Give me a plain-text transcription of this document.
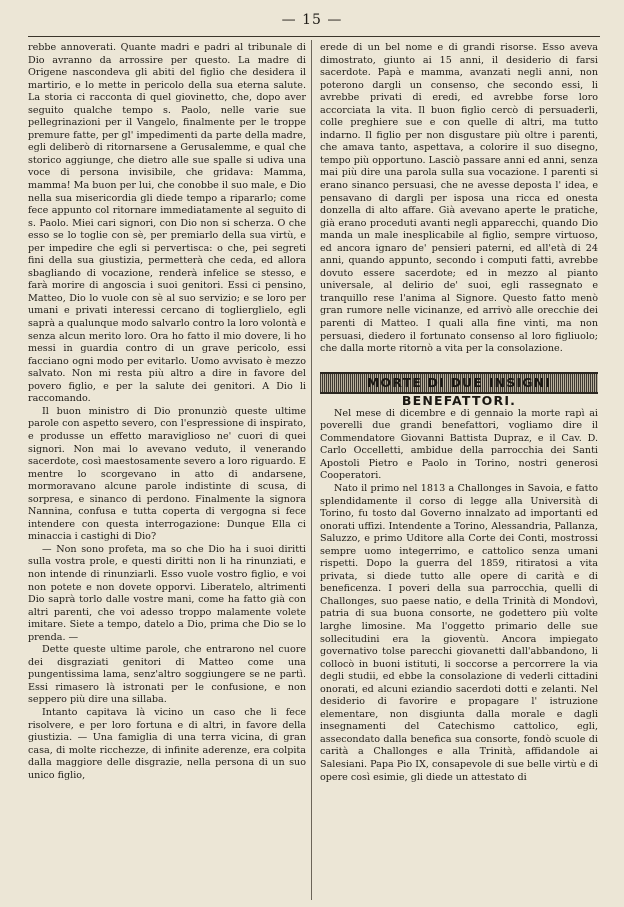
— 15 —

rebbe annoverati. Quante madri e padri al tribunale di Dio avranno da arrossire per questo. La madre di Origene nascondeva gli abiti del figlio che desidera il martirio, e lo mette in pericolo della sua eterna salute. La storia ci racconta di quel giovinetto, che, dopo aver seguito qualche tempo s. Paolo, nelle varie sue pellegrinazioni per il Vangelo, finalmente per le troppe premure fatte, per gl' impedimenti da parte della madre, egli deliberò di ritornarsene a Gerusalemme, e qual che storico aggiunge, che dietro alle sue spalle si udiva una voce di persona invisibile, che gridava: Mamma, mamma! Ma buon per lui, che conobbe il suo male, e Dio nella sua misericordia gli diede tempo a ripararlo; come fece appunto col ritornare immediatamente al seguito di s. Paolo. Miei cari signori, con Dio non si scherza. O che esso se lo toglie con sè, per premiarlo della sua virtù, e per impedire che egli si pervertisca: o che, pei segreti fini della sua giustizia, permetterà che ceda, ed allora sbagliando di vocazione, renderà infelice se stesso, e farà morire di angoscia i suoi genitori. Essi ci pensino, Matteo, Dio lo vuole con sè al suo servizio; e se loro per umani e privati interessi cercano di toglierglielo, egli saprà a qualunque modo salvarlo contro la loro volontà e senza alcun merito loro. Ora ho fatto il mio dovere, li ho messi in guardia contro di un grave pericolo, essi facciano ogni modo per evitarlo. Uomo avvisato è mezzo salvato. Non mi resta più altro a dire in favore del povero figlio, e per la salute dei genitori. A Dio li raccomando.

Il buon ministro di Dio pronunziò queste ultime parole con aspetto severo, con l'espressione di inspirato, e produsse un effetto maraviglioso ne' cuori di quei signori. Non mai lo avevano veduto, il venerando sacerdote, così maestosamente severo a loro riguardo. E mentre lo scorgevano in atto di andarsene, mormoravano alcune parole indistinte di scusa, di sorpresa, e sinanco di perdono. Finalmente la signora Nannina, confusa e tutta coperta di vergogna si fece intendere con questa interrogazione: Dunque Ella ci minaccia i castighi di Dio?

— Non sono profeta, ma so che Dio ha i suoi diritti sulla vostra prole, e questi diritti non li ha rinunziati, e non intende di rinunziarli. Esso vuole vostro figlio, e voi non potete e non dovete opporvi. Liberatelo, altrimenti Dio saprà torlo dalle vostre mani, come ha fatto già con altri parenti, che voi adesso troppo malamente volete imitare. Siete a tempo, datelo a Dio, prima che Dio se lo prenda. —

Dette queste ultime parole, che entrarono nel cuore dei disgraziati genitori di Matteo come una pungentissima lama, senz'altro soggiungere se ne partì. Essi rimasero là istronati per le confusione, e non seppero più dire una sillaba.

Intanto capitava là vicino un caso che li fece risolvere, e per loro fortuna e di altri, in favore della giustizia. — Una famiglia di una terra vicina, di gran casa, di molte ricchezze, di infinite aderenze, era colpita dalla maggiore delle disgrazie, nella persona di un suo unico figlio,

erede di un bel nome e di grandi risorse. Esso aveva dimostrato, giunto ai 15 anni, il desiderio di farsi sacerdote. Papà e mamma, avanzati negli anni, non poterono dargli un consenso, che secondo essi, li avrebbe privati di eredi, ed avrebbe forse loro accorciata la vita. Il buon figlio cercò di persuaderli, colle preghiere sue e con quelle di altri, ma tutto indarno. Il figlio per non disgustare più oltre i parenti, che amava tanto, aspettava, a colorire il suo disegno, tempo più opportuno. Lasciò passare anni ed anni, senza mai più dire una parola sulla sua vocazione. I parenti si erano sinanco persuasi, che ne avesse deposta l' idea, e pensavano di dargli per isposa una ricca ed onesta donzella di alto affare. Già avevano aperte le pratiche, già erano proceduti avanti negli apparecchi, quando Dio manda un male inesplicabile al figlio, sempre virtuoso, ed ancora ignaro de' pensieri paterni, ed all'età di 24 anni, quando appunto, secondo i computi fatti, avrebbe dovuto essere sacerdote; ed in mezzo al pianto universale, al delirio de' suoi, egli rassegnato e tranquillo rese l'anima al Signore. Questo fatto menò gran rumore nelle vicinanze, ed arrivò alle orecchie dei parenti di Matteo. I quali alla fine vinti, ma non persuasi, diedero il fortunato consenso al loro figliuolo; che dalla morte ritornò a vita per la consolazione.

MORTE DI DUE INSIGNI BENEFATTORI.

Nel mese di dicembre e di gennaio la morte rapì ai poverelli due grandi benefattori, vogliamo dire il Commendatore Giovanni Battista Dupraz, e il Cav. D. Carlo Occelletti, ambidue della parrocchia dei Santi Apostoli Pietro e Paolo in Torino, nostri generosi Cooperatori.

Nato il primo nel 1813 a Challonges in Savoia, e fatto splendidamente il corso di legge alla Università di Torino, fu tosto dal Governo innalzato ad importanti ed onorati uffizi. Intendente a Torino, Alessandria, Pallanza, Saluzzo, e primo Uditore alla Corte dei Conti, mostrossi sempre uomo integerrimo, e cattolico senza umani rispetti. Dopo la guerra del 1859, ritiratosi a vita privata, si diede tutto alle opere di carità e di beneficenza. I poveri della sua parrocchia, quelli di Challonges, suo paese natio, e della Trinità di Mondovì, patria di sua buona consorte, ne godettero più volte larghe limosine. Ma l'oggetto primario delle sue sollecitudini era la gioventù. Ancora impiegato governativo tolse parecchi giovanetti dall'abbandono, li collocò in buoni istituti, li soccorse a percorrere la via degli studii, ed ebbe la consolazione di vederli cittadini onorati, ed alcuni eziandio sacerdoti dotti e zelanti. Nel desiderio di favorire e propagare l' istruzione elementare, non disgiunta dalla morale e dagli insegnamenti del Catechismo cattolico, egli, assecondato dalla benefica sua consorte, fondò scuole di carità a Challonges e alla Trinità, affidandole ai Salesiani. Papa Pio IX, consapevole di sue belle virtù e di opere così esimie, gli diede un attestato di
